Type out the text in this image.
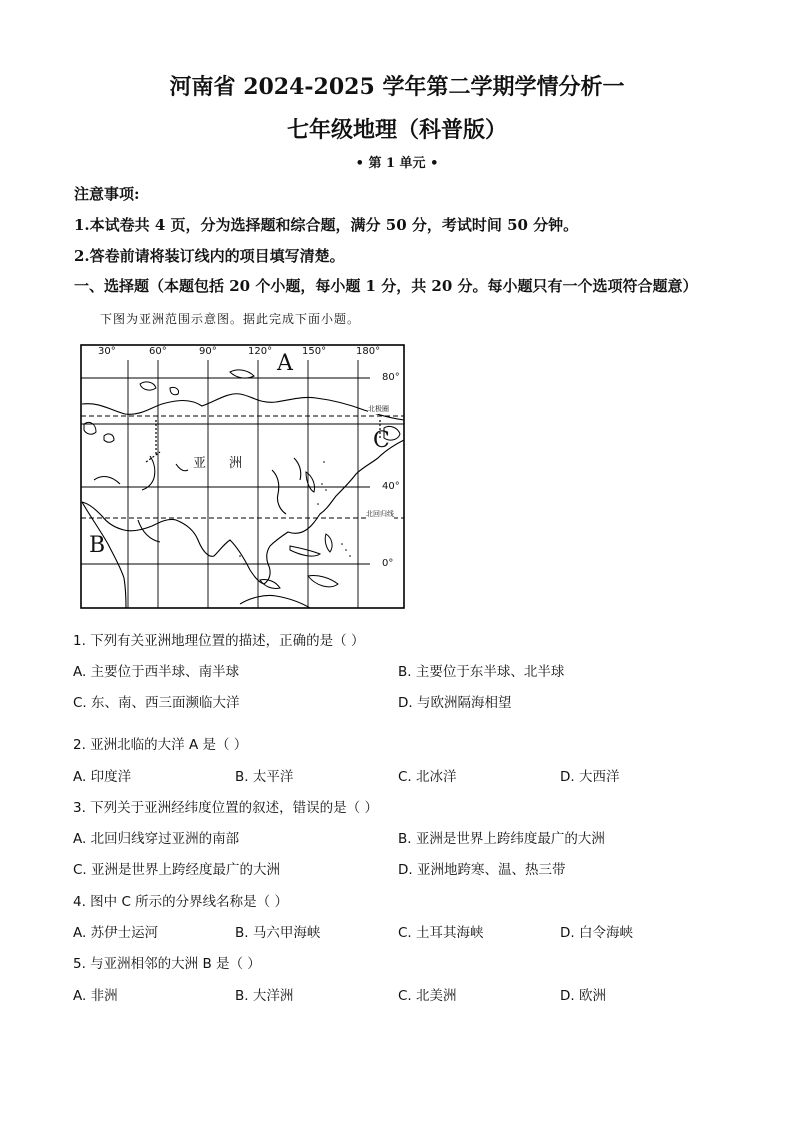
河南省 2024-2025 学年第二学期学情分析一
七年级地理（科普版）
• 第 1 单元 •
注意事项:
1.本试卷共 4 页，分为选择题和综合题，满分 50 分，考试时间 50 分钟。
2.答卷前请将装订线内的项目填写清楚。
一、选择题（本题包括 20 个小题，每小题 1 分，共 20 分。每小题只有一个选项符合题意）
下图为亚洲范围示意图。据此完成下面小题。
30°	60°	90°	120°	150°	180°
80°
40°
0°
北极圈
北回归线
A
B
C
亚 洲
1. 下列有关亚洲地理位置的描述，正确的是（ ）
A. 主要位于西半球、南半球	B. 主要位于东半球、北半球
C. 东、南、西三面濒临大洋	D. 与欧洲隔海相望
2. 亚洲北临的大洋 A 是（ ）
A. 印度洋	B. 太平洋	C. 北冰洋	D. 大西洋
3. 下列关于亚洲经纬度位置的叙述，错误的是（ ）
A. 北回归线穿过亚洲的南部	B. 亚洲是世界上跨纬度最广的大洲
C. 亚洲是世界上跨经度最广的大洲	D. 亚洲地跨寒、温、热三带
4. 图中 C 所示的分界线名称是（ ）
A. 苏伊士运河	B. 马六甲海峡	C. 土耳其海峡	D. 白令海峡
5. 与亚洲相邻的大洲 B 是（ ）
A. 非洲	B. 大洋洲	C. 北美洲	D. 欧洲
